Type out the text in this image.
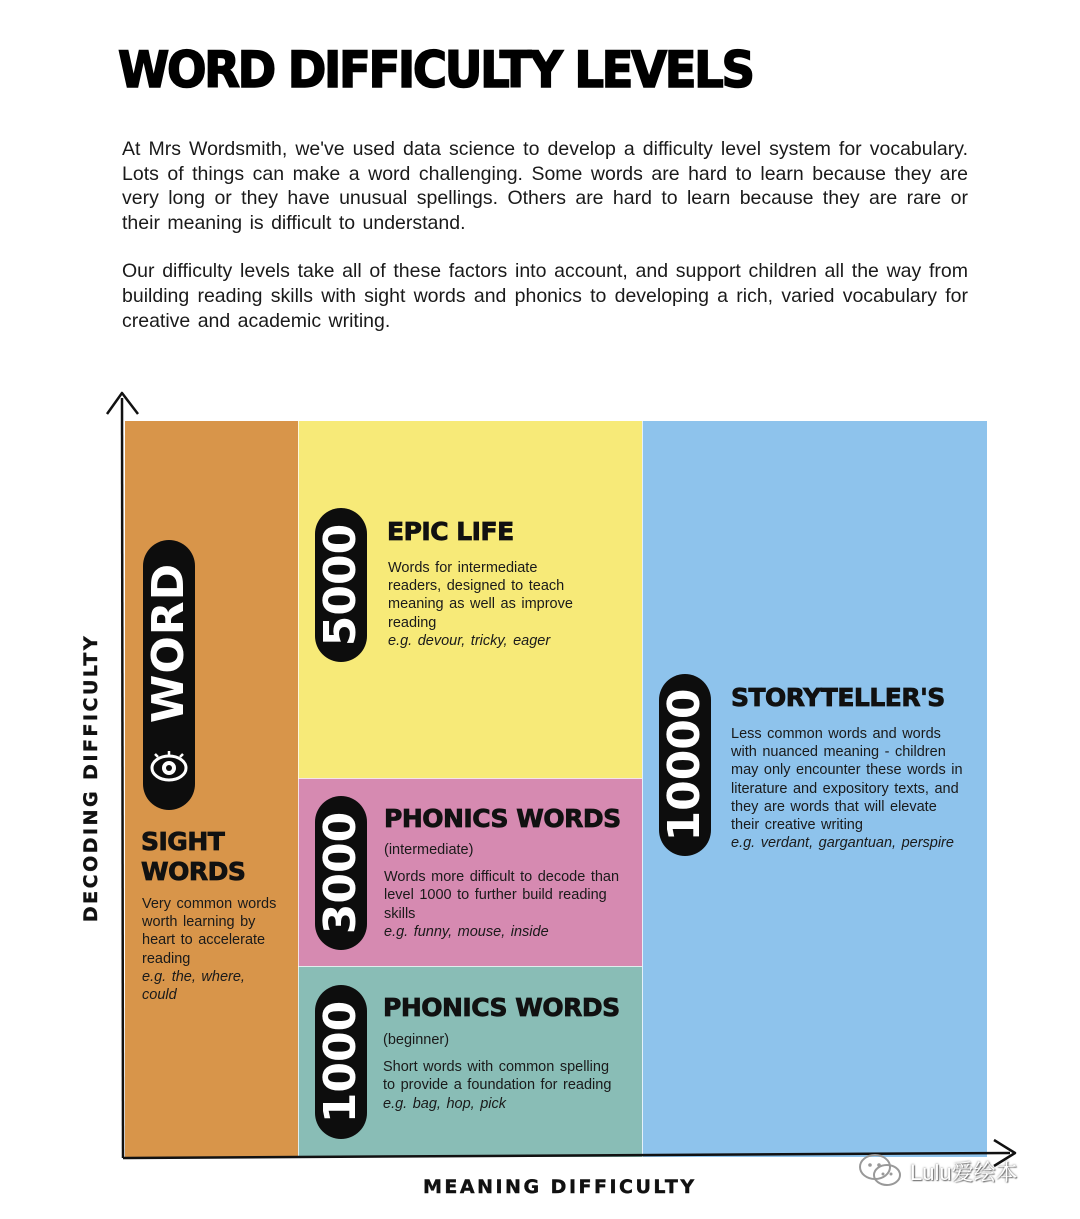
WORD DIFFICULTY LEVELS

At Mrs Wordsmith, we've used data science to develop a difficulty level system for vocabulary. Lots of things can make a word challenging. Some words are hard to learn because they are very long or they have unusual spellings. Others are hard to learn because they are rare or their meaning is difficult to understand.

Our difficulty levels take all of these factors into account, and support children all the way from building reading skills with sight words and phonics to developing a rich, varied vocabulary for creative and academic writing.

WORD	5000
3000
1000
10000
SIGHT WORDS
EPIC LIFE
PHONICS WORDS
PHONICS WORDS
STORYTELLER'S
Very common words worth learning by heart to accelerate reading
e.g. the, where, could
Words for intermediate readers, designed to teach meaning as well as improve reading
e.g. devour, tricky, eager
(intermediate)
Words more difficult to decode than level 1000 to further build reading skills
e.g. funny, mouse, inside
(beginner)
Short words with common spelling to provide a foundation for reading
e.g. bag, hop, pick
Less common words and words with nuanced meaning - children may only encounter these words in literature and expository texts, and they are words that will elevate their creative writing
e.g. verdant, gargantuan, perspire
MEANING DIFFICULTY
DECODING DIFFICULTY
Lulu爱绘本
